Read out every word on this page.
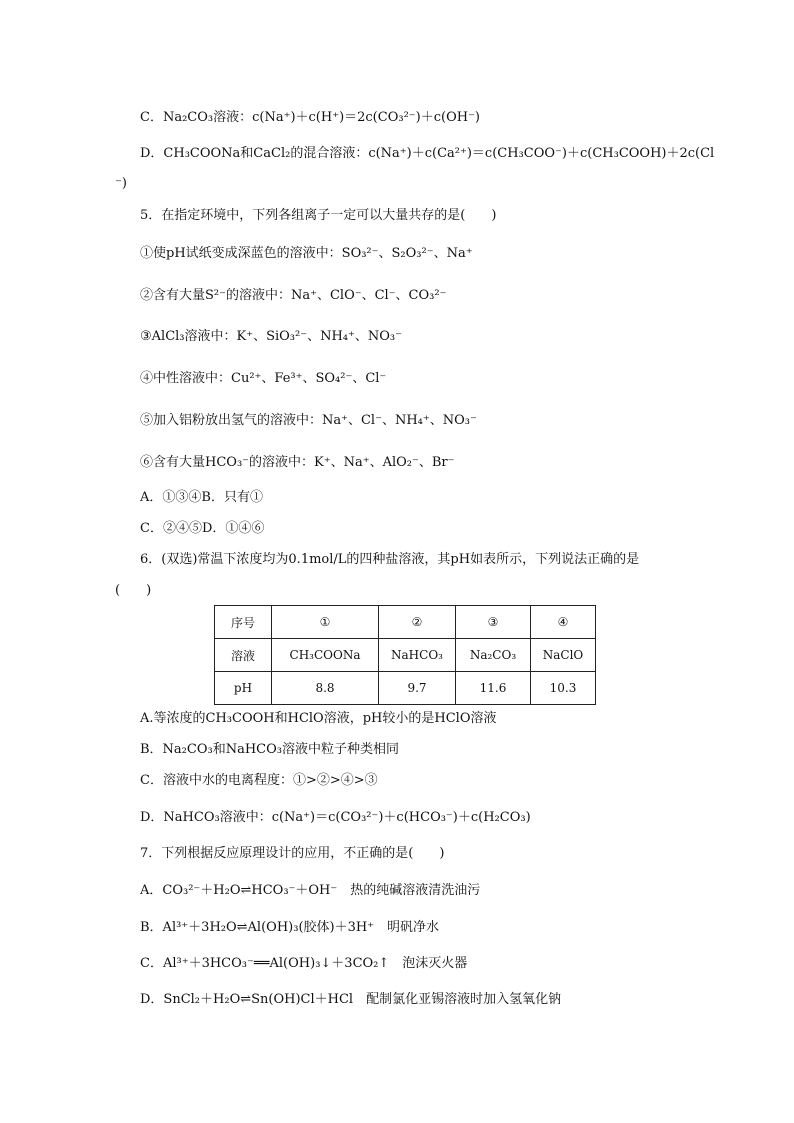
C．Na₂CO₃溶液：c(Na⁺)＋c(H⁺)＝2c(CO₃²⁻)＋c(OH⁻)
D．CH₃COONa和CaCl₂的混合溶液：c(Na⁺)＋c(Ca²⁺)＝c(CH₃COO⁻)＋c(CH₃COOH)＋2c(Cl
⁻)
5．在指定环境中，下列各组离子一定可以大量共存的是(　　)
①使pH试纸变成深蓝色的溶液中：SO₃²⁻、S₂O₃²⁻、Na⁺
②含有大量S²⁻的溶液中：Na⁺、ClO⁻、Cl⁻、CO₃²⁻
③AlCl₃溶液中：K⁺、SiO₃²⁻、NH₄⁺、NO₃⁻
④中性溶液中：Cu²⁺、Fe³⁺、SO₄²⁻、Cl⁻
⑤加入铝粉放出氢气的溶液中：Na⁺、Cl⁻、NH₄⁺、NO₃⁻
⑥含有大量HCO₃⁻的溶液中：K⁺、Na⁺、AlO₂⁻、Br⁻
A．①③④B．只有①
C．②④⑤D．①④⑥
6．(双选)常温下浓度均为0.1mol/L的四种盐溶液，其pH如表所示，下列说法正确的是
(　　)
序号	①	②	③	④
溶液	CH₃COONa	NaHCO₃	Na₂CO₃	NaClO
pH	8.8	9.7	11.6	10.3
A.等浓度的CH₃COOH和HClO溶液，pH较小的是HClO溶液
B．Na₂CO₃和NaHCO₃溶液中粒子种类相同
C．溶液中水的电离程度：①>②>④>③
D．NaHCO₃溶液中：c(Na⁺)＝c(CO₃²⁻)＋c(HCO₃⁻)＋c(H₂CO₃)
7．下列根据反应原理设计的应用，不正确的是(　　)
A．CO₃²⁻＋H₂O⇌HCO₃⁻＋OH⁻　热的纯碱溶液清洗油污
B．Al³⁺＋3H₂O⇌Al(OH)₃(胶体)＋3H⁺　明矾净水
C．Al³⁺＋3HCO₃⁻══Al(OH)₃↓＋3CO₂↑　泡沫灭火器
D．SnCl₂＋H₂O⇌Sn(OH)Cl＋HCl　配制氯化亚锡溶液时加入氢氧化钠
